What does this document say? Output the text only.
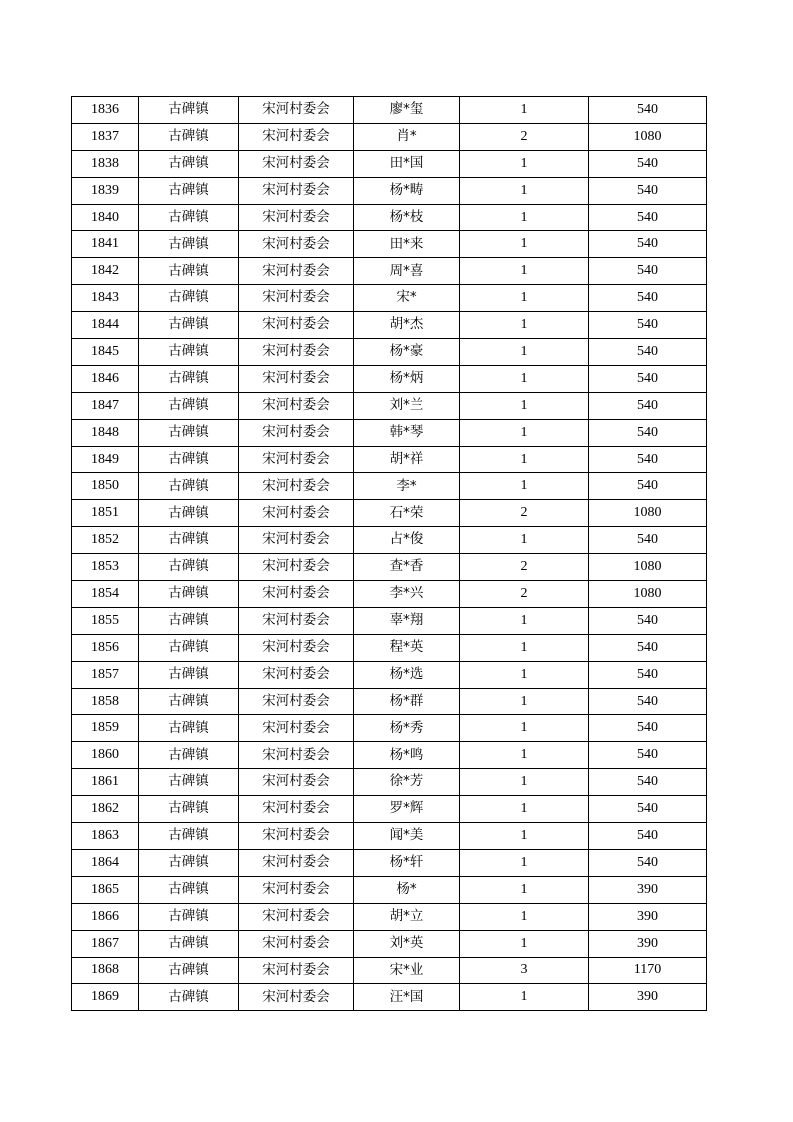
1836	古碑镇	宋河村委会	廖*玺	1	540
1837	古碑镇	宋河村委会	肖*	2	1080
1838	古碑镇	宋河村委会	田*国	1	540
1839	古碑镇	宋河村委会	杨*畴	1	540
1840	古碑镇	宋河村委会	杨*枝	1	540
1841	古碑镇	宋河村委会	田*来	1	540
1842	古碑镇	宋河村委会	周*喜	1	540
1843	古碑镇	宋河村委会	宋*	1	540
1844	古碑镇	宋河村委会	胡*杰	1	540
1845	古碑镇	宋河村委会	杨*豪	1	540
1846	古碑镇	宋河村委会	杨*炳	1	540
1847	古碑镇	宋河村委会	刘*兰	1	540
1848	古碑镇	宋河村委会	韩*琴	1	540
1849	古碑镇	宋河村委会	胡*祥	1	540
1850	古碑镇	宋河村委会	李*	1	540
1851	古碑镇	宋河村委会	石*荣	2	1080
1852	古碑镇	宋河村委会	占*俊	1	540
1853	古碑镇	宋河村委会	查*香	2	1080
1854	古碑镇	宋河村委会	李*兴	2	1080
1855	古碑镇	宋河村委会	辜*翔	1	540
1856	古碑镇	宋河村委会	程*英	1	540
1857	古碑镇	宋河村委会	杨*选	1	540
1858	古碑镇	宋河村委会	杨*群	1	540
1859	古碑镇	宋河村委会	杨*秀	1	540
1860	古碑镇	宋河村委会	杨*鸣	1	540
1861	古碑镇	宋河村委会	徐*芳	1	540
1862	古碑镇	宋河村委会	罗*辉	1	540
1863	古碑镇	宋河村委会	闻*美	1	540
1864	古碑镇	宋河村委会	杨*轩	1	540
1865	古碑镇	宋河村委会	杨*	1	390
1866	古碑镇	宋河村委会	胡*立	1	390
1867	古碑镇	宋河村委会	刘*英	1	390
1868	古碑镇	宋河村委会	宋*业	3	1170
1869	古碑镇	宋河村委会	汪*国	1	390
